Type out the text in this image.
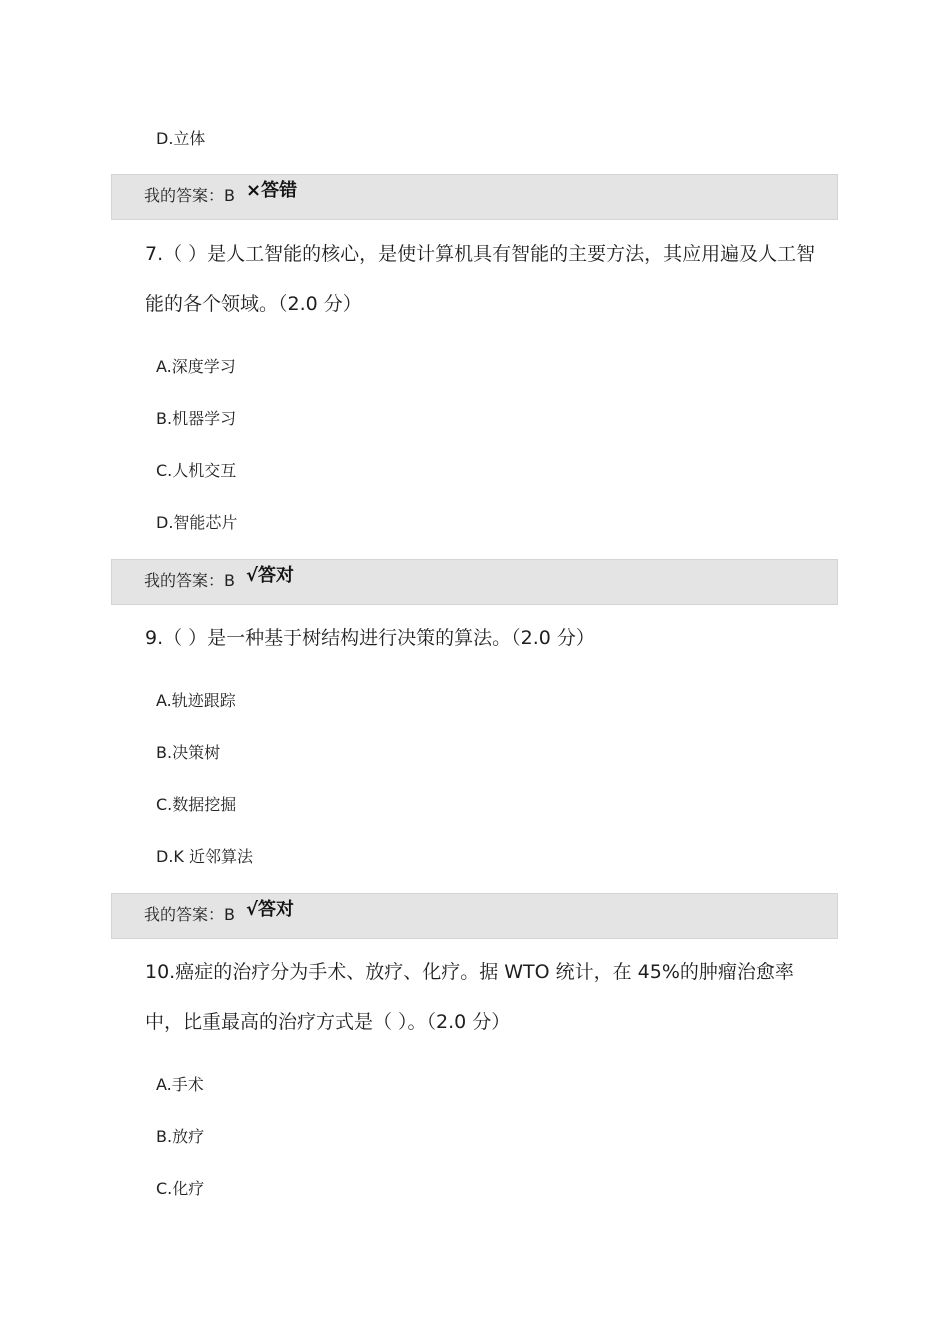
D.立体

我的答案：B ×答错

7.（ ）是人工智能的核心，是使计算机具有智能的主要方法，其应用遍及人工智能的各个领域。（2.0 分）

A.深度学习

B.机器学习

C.人机交互

D.智能芯片

我的答案：B √答对

9.（ ）是一种基于树结构进行决策的算法。（2.0 分）

A.轨迹跟踪

B.决策树

C.数据挖掘

D.K 近邻算法

我的答案：B √答对

10.癌症的治疗分为手术、放疗、化疗。据 WTO 统计，在 45%的肿瘤治愈率中，比重最高的治疗方式是（ ）。（2.0 分）

A.手术

B.放疗

C.化疗
